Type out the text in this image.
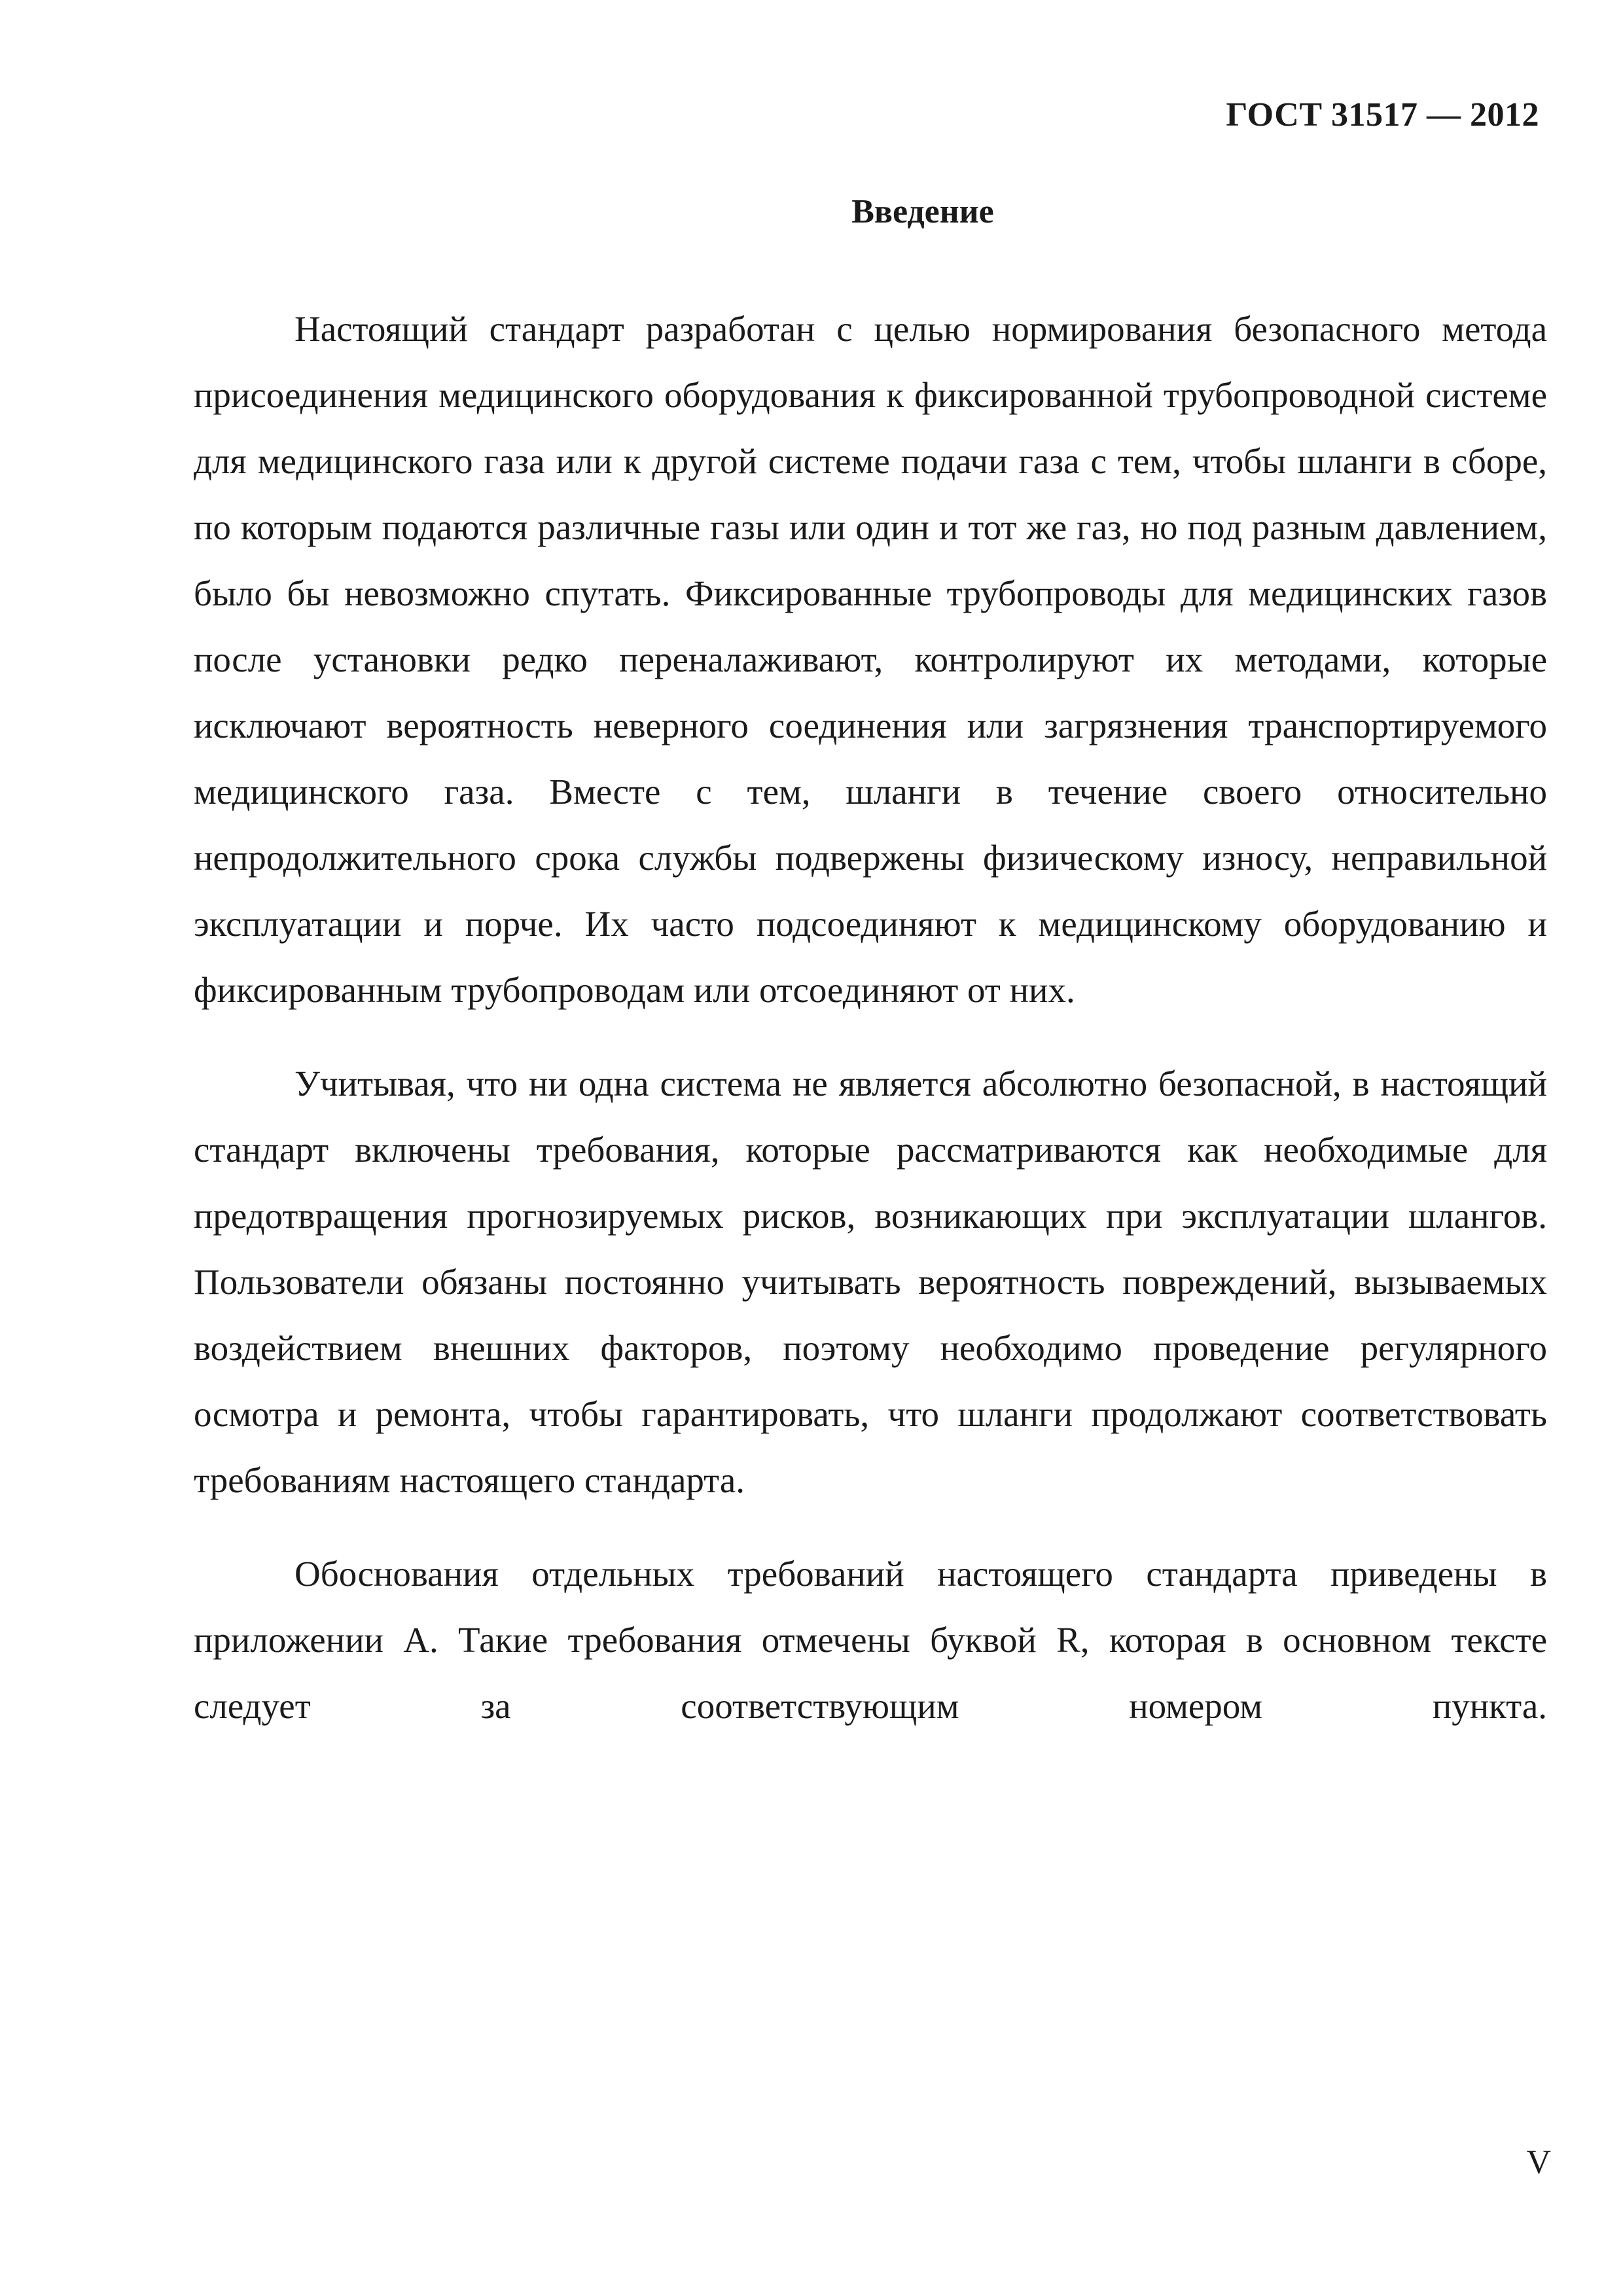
ГОСТ 31517 — 2012
Введение

Настоящий стандарт разработан с целью нормирования безопасного метода присоединения медицинского оборудования к фиксированной трубопроводной системе для медицинского газа или к другой системе подачи газа с тем, чтобы шланги в сборе, по которым подаются различные газы или один и тот же газ, но под разным давлением, было бы невозможно спутать. Фиксированные трубопроводы для медицинских газов после установки редко переналаживают, контролируют их методами, которые исключают вероятность неверного соединения или загрязнения транспортируемого медицинского газа. Вместе с тем, шланги в течение своего относительно непродолжительного срока службы подвержены физическому износу, неправильной эксплуатации и порче. Их часто подсоединяют к медицинскому оборудованию и фиксированным трубопроводам или отсоединяют от них.

Учитывая, что ни одна система не является абсолютно безопасной, в настоящий стандарт включены требования, которые рассматриваются как необходимые для предотвращения прогнозируемых рисков, возникающих при эксплуатации шлангов. Пользователи обязаны постоянно учитывать вероятность повреждений, вызываемых воздействием внешних факторов, поэтому необходимо проведение регулярного осмотра и ремонта, чтобы гарантировать, что шланги продолжают соответствовать требованиям настоящего стандарта.

Обоснования отдельных требований настоящего стандарта приведены в приложении А. Такие требования отмечены буквой R, которая в основном тексте следует за соответствующим номером пункта.

V
